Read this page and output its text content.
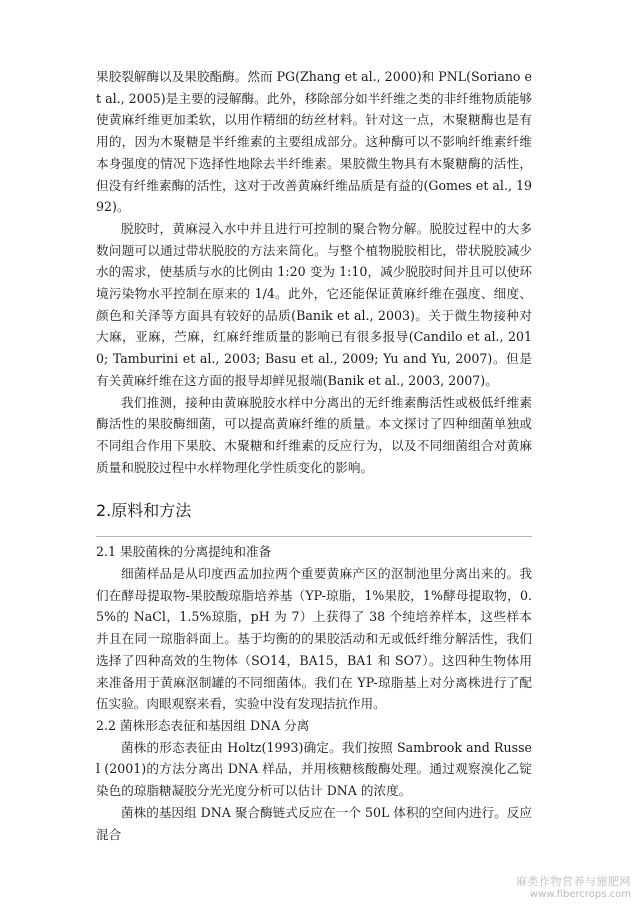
果胶裂解酶以及果胶酯酶。然而 PG(Zhang et al., 2000)和 PNL(Soriano et al., 2005)是主要的浸解酶。此外，移除部分如半纤维之类的非纤维物质能够使黄麻纤维更加柔软，以用作精细的纺丝材料。针对这一点，木聚糖酶也是有用的，因为木聚糖是半纤维素的主要组成部分。这种酶可以不影响纤维素纤维本身强度的情况下选择性地除去半纤维素。果胶微生物具有木聚糖酶的活性，但没有纤维素酶的活性，这对于改善黄麻纤维品质是有益的(Gomes et al., 1992)。

脱胶时，黄麻浸入水中并且进行可控制的聚合物分解。脱胶过程中的大多数问题可以通过带状脱胶的方法来简化。与整个植物脱胶相比，带状脱胶减少水的需求，使基质与水的比例由 1:20 变为 1:10，减少脱胶时间并且可以使环境污染物水平控制在原来的 1/4。此外，它还能保证黄麻纤维在强度、细度、颜色和关泽等方面具有较好的品质(Banik et al., 2003)。关于微生物接种对大麻，亚麻，苎麻，红麻纤维质量的影响已有很多报导(Candilo et al., 2010; Tamburini et al., 2003; Basu et al., 2009; Yu and Yu, 2007)。但是有关黄麻纤维在这方面的报导却鲜见报端(Banik et al., 2003, 2007)。

我们推测，接种由黄麻脱胶水样中分离出的无纤维素酶活性或极低纤维素酶活性的果胶酶细菌，可以提高黄麻纤维的质量。本文探讨了四种细菌单独或不同组合作用下果胶、木聚糖和纤维素的反应行为，以及不同细菌组合对黄麻质量和脱胶过程中水样物理化学性质变化的影响。

2.原料和方法
2.1 果胶菌株的分离提纯和准备

细菌样品是从印度西孟加拉两个重要黄麻产区的沤制池里分离出来的。我们在酵母提取物-果胶酸琼脂培养基（YP-琼脂，1%果胶，1%酵母提取物，0.5%的 NaCl，1.5%琼脂，pH 为 7）上获得了 38 个纯培养样本，这些样本并且在同一琼脂斜面上。基于均衡的的果胶活动和无或低纤维分解活性，我们选择了四种高效的生物体（SO14，BA15，BA1 和 SO7）。这四种生物体用来准备用于黄麻沤制罐的不同细菌体。我们在 YP-琼脂基上对分离株进行了配伍实验。肉眼观察来看，实验中没有发现拮抗作用。

2.2 菌株形态表征和基因组 DNA 分离

菌株的形态表征由 Holtz(1993)确定。我们按照 Sambrook and Russel (2001)的方法分离出 DNA 样品，并用核糖核酸酶处理。通过观察溴化乙锭染色的琼脂糖凝胶分光光度分析可以估计 DNA 的浓度。

菌株的基因组 DNA 聚合酶链式反应在一个 50L 体积的空间内进行。反应混合

麻类作物营养与施肥网
www.fibercrops.com
